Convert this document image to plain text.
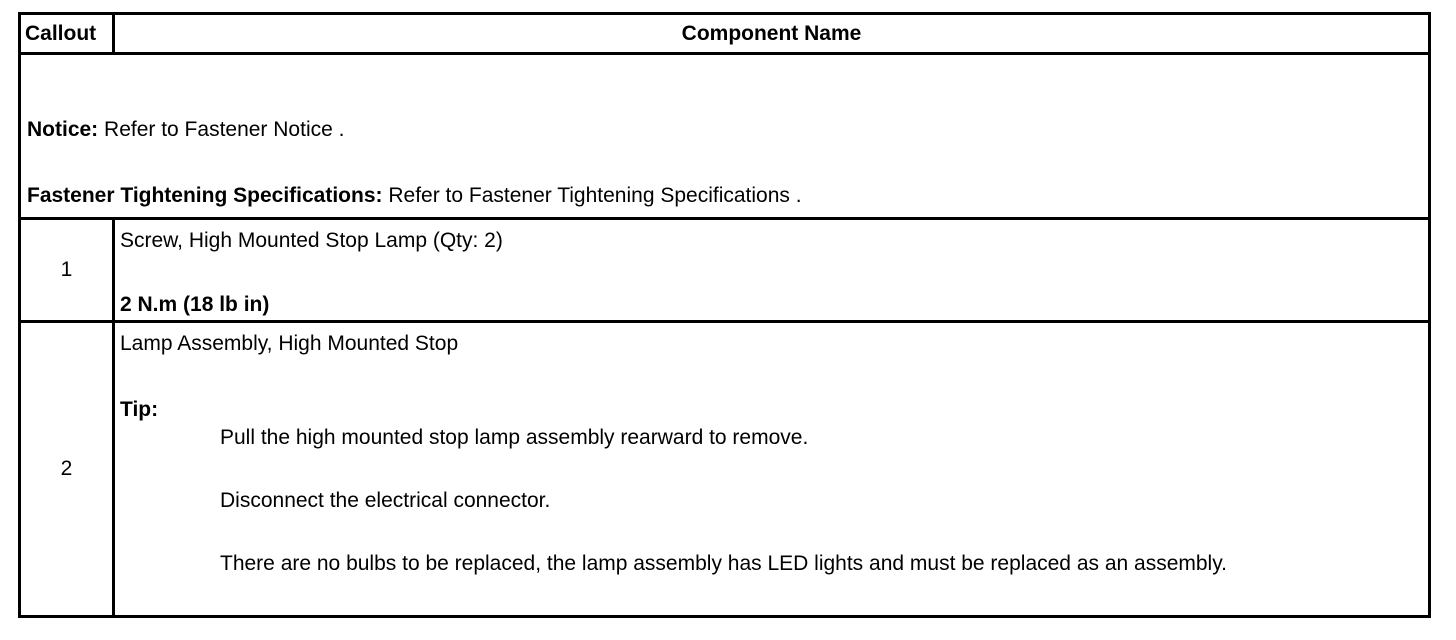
Callout	Component Name

Notice: Refer to Fastener Notice .
Fastener Tightening Specifications: Refer to Fastener Tightening Specifications .	

1	Screw, High Mounted Stop Lamp (Qty: 2)
2 N.m (18 lb in)

2	Lamp Assembly, High Mounted Stop
Tip:
Pull the high mounted stop lamp assembly rearward to remove.
Disconnect the electrical connector.
There are no bulbs to be replaced, the lamp assembly has LED lights and must be replaced as an assembly.
